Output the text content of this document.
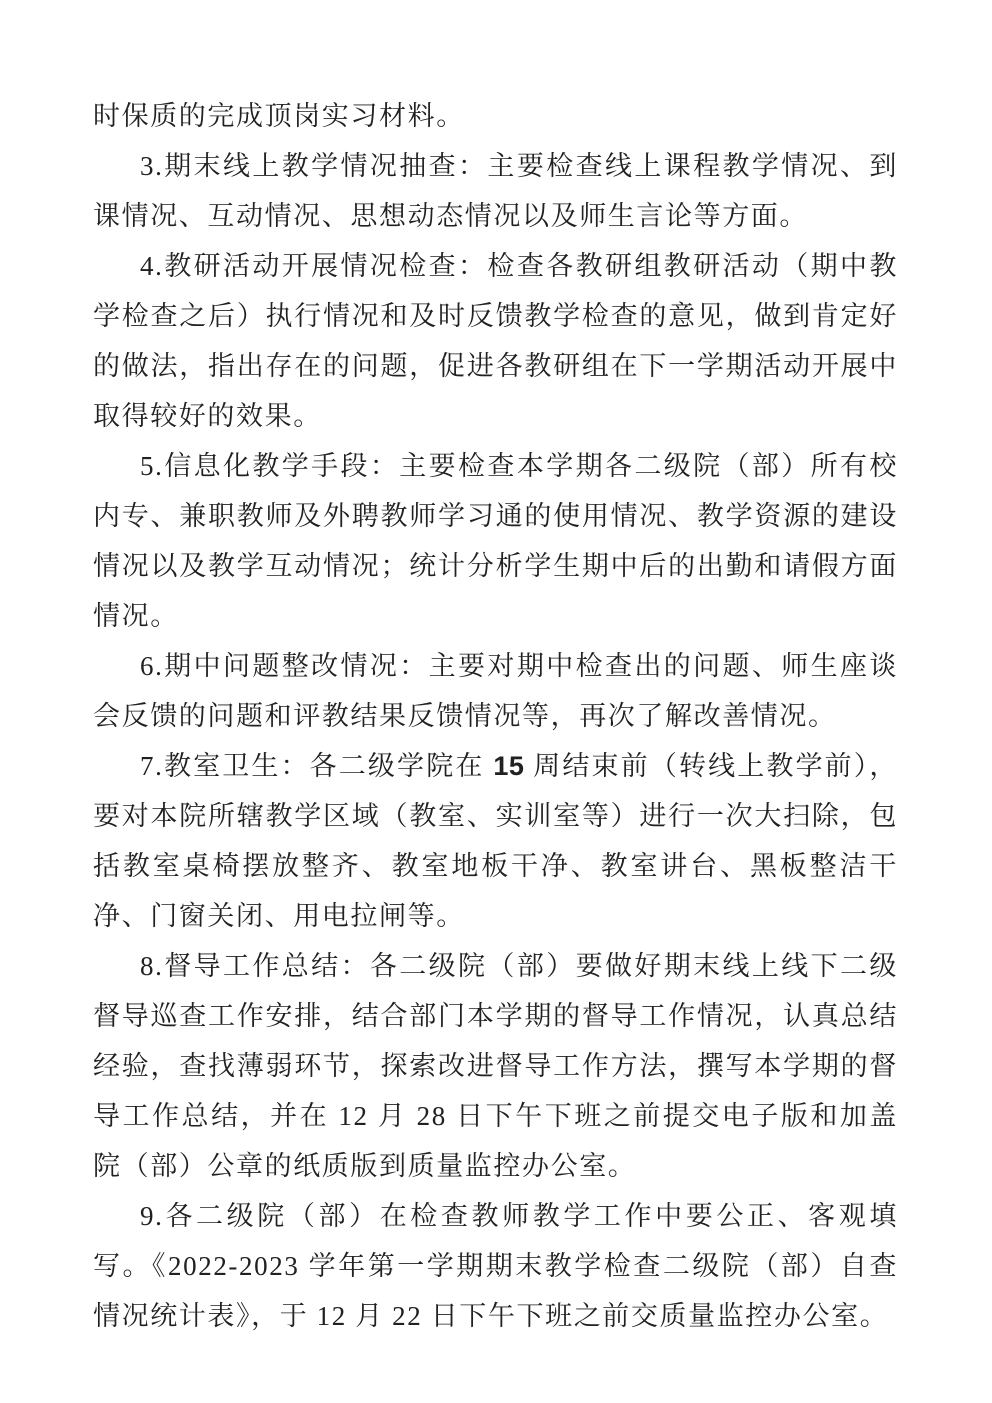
时保质的完成顶岗实习材料。

3.期末线上教学情况抽查：主要检查线上课程教学情况、到课情况、互动情况、思想动态情况以及师生言论等方面。

4.教研活动开展情况检查：检查各教研组教研活动（期中教学检查之后）执行情况和及时反馈教学检查的意见，做到肯定好的做法，指出存在的问题，促进各教研组在下一学期活动开展中取得较好的效果。

5.信息化教学手段：主要检查本学期各二级院（部）所有校内专、兼职教师及外聘教师学习通的使用情况、教学资源的建设情况以及教学互动情况；统计分析学生期中后的出勤和请假方面情况。

6.期中问题整改情况：主要对期中检查出的问题、师生座谈会反馈的问题和评教结果反馈情况等，再次了解改善情况。

7.教室卫生：各二级学院在 15 周结束前（转线上教学前），要对本院所辖教学区域（教室、实训室等）进行一次大扫除，包括教室桌椅摆放整齐、教室地板干净、教室讲台、黑板整洁干净、门窗关闭、用电拉闸等。

8.督导工作总结：各二级院（部）要做好期末线上线下二级督导巡查工作安排，结合部门本学期的督导工作情况，认真总结经验，查找薄弱环节，探索改进督导工作方法，撰写本学期的督导工作总结，并在 12 月 28 日下午下班之前提交电子版和加盖院（部）公章的纸质版到质量监控办公室。

9.各二级院（部）在检查教师教学工作中要公正、客观填写。《2022-2023 学年第一学期期末教学检查二级院（部）自查情况统计表》，于 12 月 22 日下午下班之前交质量监控办公室。
